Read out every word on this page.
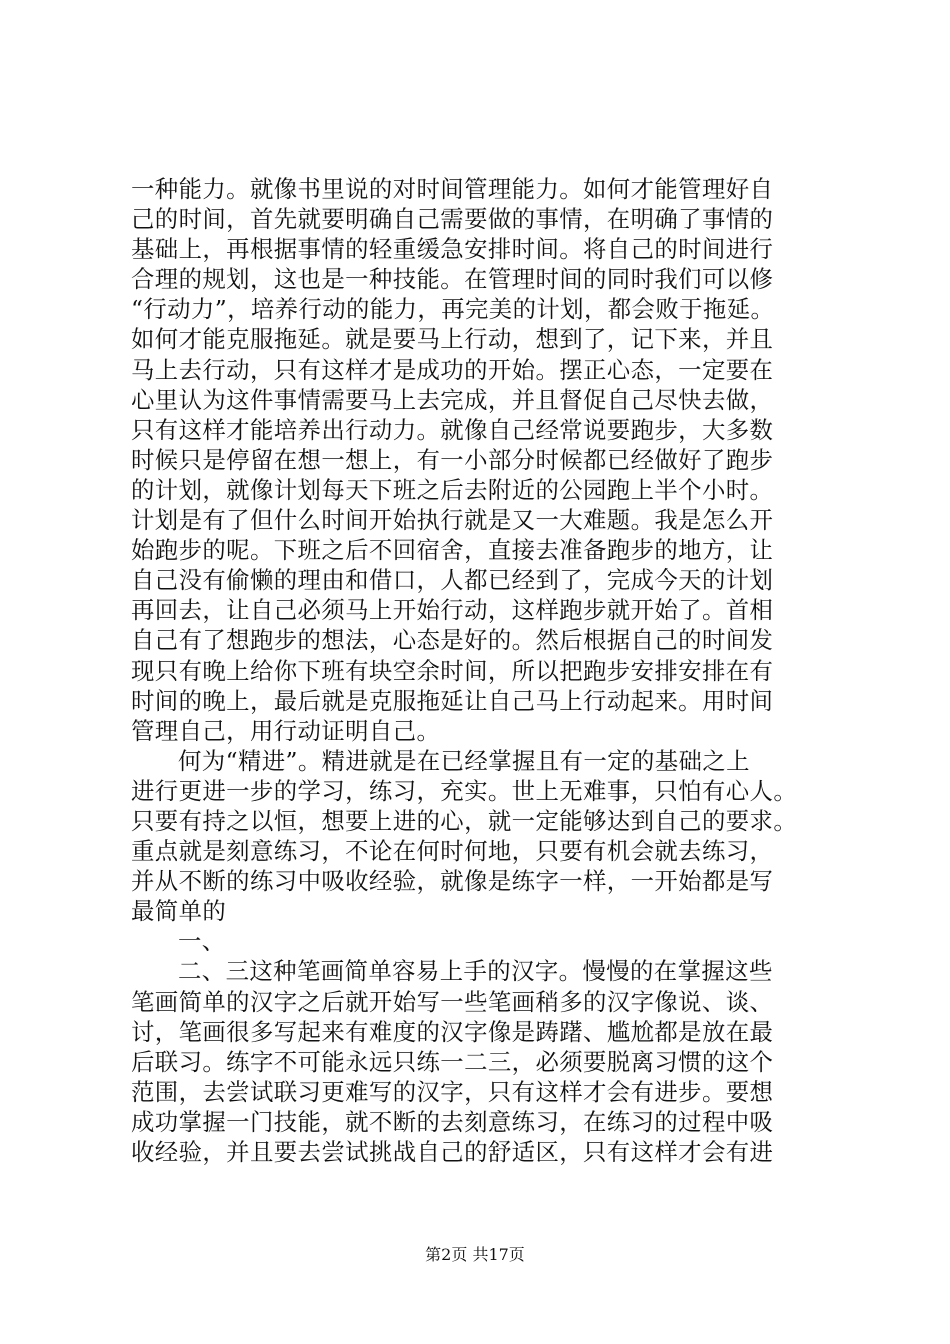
一种能力。就像书里说的对时间管理能力。如何才能管理好自
己的时间，首先就要明确自己需要做的事情，在明确了事情的
基础上，再根据事情的轻重缓急安排时间。将自己的时间进行
合理的规划，这也是一种技能。在管理时间的同时我们可以修
“行动力”，培养行动的能力，再完美的计划，都会败于拖延。
如何才能克服拖延。就是要马上行动，想到了，记下来，并且
马上去行动，只有这样才是成功的开始。摆正心态，一定要在
心里认为这件事情需要马上去完成，并且督促自己尽快去做，
只有这样才能培养出行动力。就像自己经常说要跑步，大多数
时候只是停留在想一想上，有一小部分时候都已经做好了跑步
的计划，就像计划每天下班之后去附近的公园跑上半个小时。
计划是有了但什么时间开始执行就是又一大难题。我是怎么开
始跑步的呢。下班之后不回宿舍，直接去准备跑步的地方，让
自己没有偷懒的理由和借口，人都已经到了，完成今天的计划
再回去，让自己必须马上开始行动，这样跑步就开始了。首相
自己有了想跑步的想法，心态是好的。然后根据自己的时间发
现只有晚上给你下班有块空余时间，所以把跑步安排安排在有
时间的晚上，最后就是克服拖延让自己马上行动起来。用时间
管理自己，用行动证明自己。
何为“精进”。精进就是在已经掌握且有一定的基础之上
进行更进一步的学习，练习，充实。世上无难事，只怕有心人。
只要有持之以恒，想要上进的心，就一定能够达到自己的要求。
重点就是刻意练习，不论在何时何地，只要有机会就去练习，
并从不断的练习中吸收经验，就像是练字一样，一开始都是写
最简单的
一、
二、三这种笔画简单容易上手的汉字。慢慢的在掌握这些
笔画简单的汉字之后就开始写一些笔画稍多的汉字像说、谈、
讨，笔画很多写起来有难度的汉字像是踌躇、尴尬都是放在最
后联习。练字不可能永远只练一二三，必须要脱离习惯的这个
范围，去尝试联习更难写的汉字，只有这样才会有进步。要想
成功掌握一门技能，就不断的去刻意练习，在练习的过程中吸
收经验，并且要去尝试挑战自己的舒适区，只有这样才会有进
第2页 共17页
